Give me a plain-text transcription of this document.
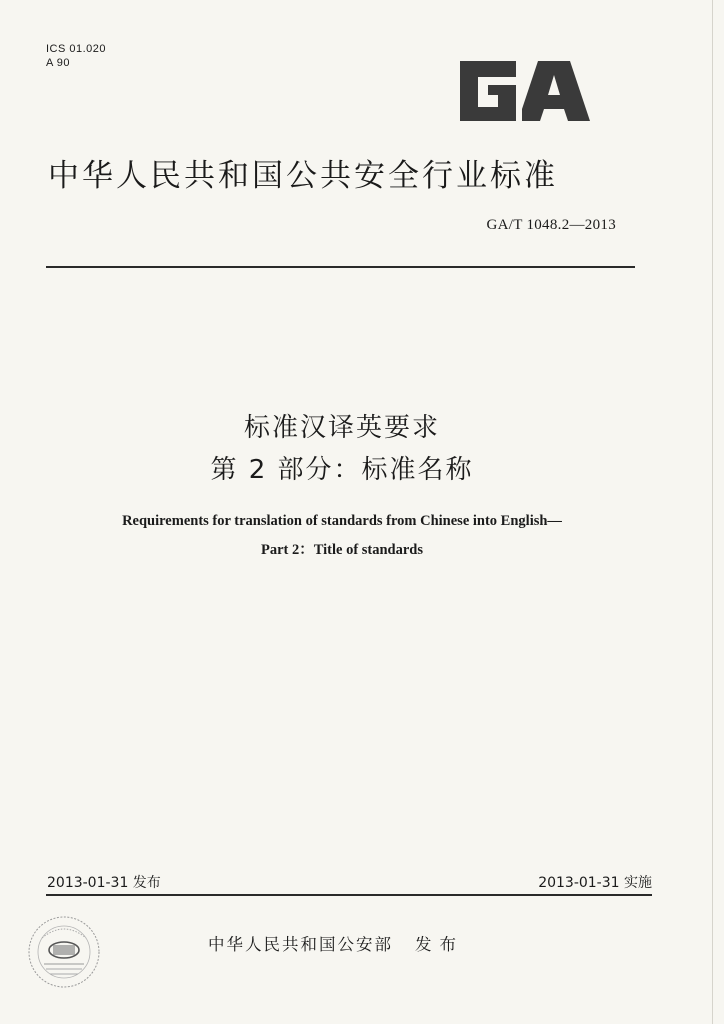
ICS 01.020
A 90
中华人民共和国公共安全行业标准
GA/T 1048.2—2013
标准汉译英要求
第 2 部分：标准名称
Requirements for translation of standards from Chinese into English—
Part 2：Title of standards
2013-01-31 发布	2013-01-31 实施
中华人民共和国公安部 发布
